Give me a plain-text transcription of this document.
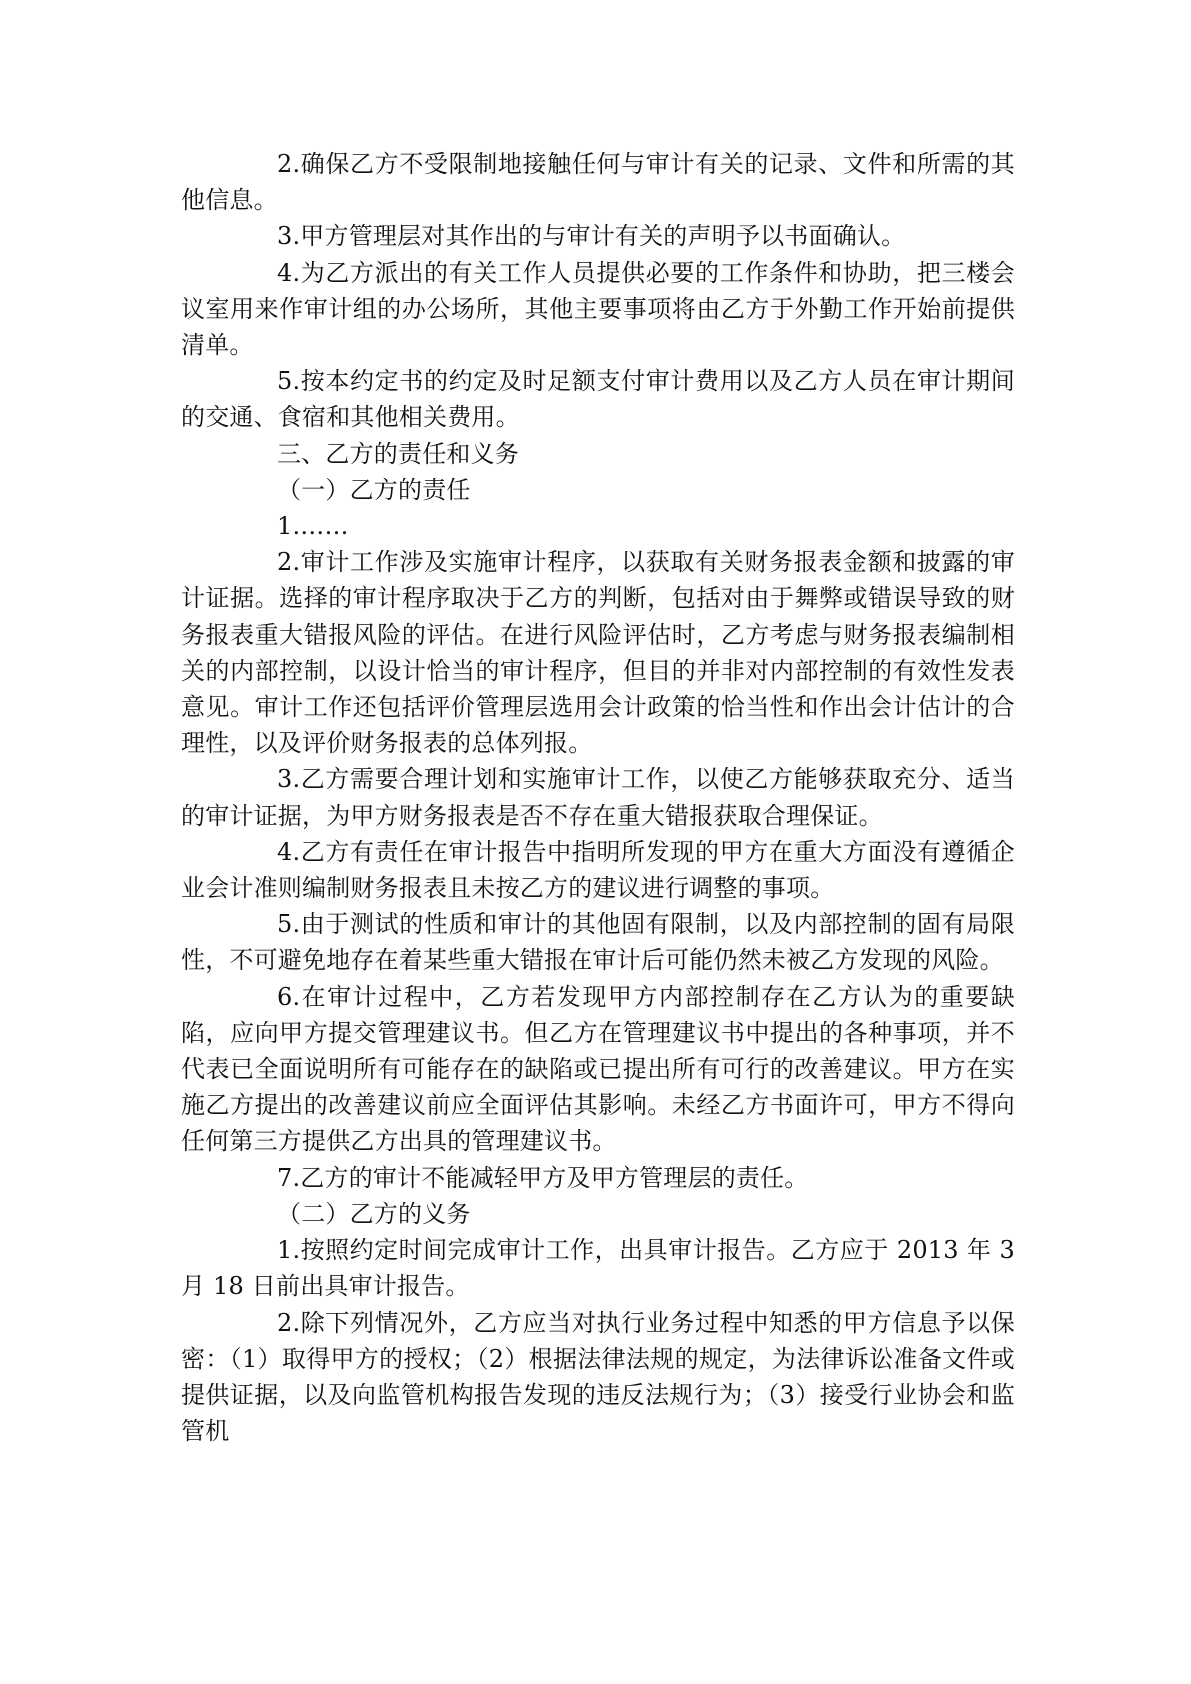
2.确保乙方不受限制地接触任何与审计有关的记录、文件和所需的其他信息。

3.甲方管理层对其作出的与审计有关的声明予以书面确认。

4.为乙方派出的有关工作人员提供必要的工作条件和协助，把三楼会议室用来作审计组的办公场所，其他主要事项将由乙方于外勤工作开始前提供清单。

5.按本约定书的约定及时足额支付审计费用以及乙方人员在审计期间的交通、食宿和其他相关费用。

三、乙方的责任和义务

（一）乙方的责任

1.……

2.审计工作涉及实施审计程序，以获取有关财务报表金额和披露的审计证据。选择的审计程序取决于乙方的判断，包括对由于舞弊或错误导致的财务报表重大错报风险的评估。在进行风险评估时，乙方考虑与财务报表编制相关的内部控制，以设计恰当的审计程序，但目的并非对内部控制的有效性发表意见。审计工作还包括评价管理层选用会计政策的恰当性和作出会计估计的合理性，以及评价财务报表的总体列报。

3.乙方需要合理计划和实施审计工作，以使乙方能够获取充分、适当的审计证据，为甲方财务报表是否不存在重大错报获取合理保证。

4.乙方有责任在审计报告中指明所发现的甲方在重大方面没有遵循企业会计准则编制财务报表且未按乙方的建议进行调整的事项。

5.由于测试的性质和审计的其他固有限制，以及内部控制的固有局限性，不可避免地存在着某些重大错报在审计后可能仍然未被乙方发现的风险。

6.在审计过程中，乙方若发现甲方内部控制存在乙方认为的重要缺陷，应向甲方提交管理建议书。但乙方在管理建议书中提出的各种事项，并不代表已全面说明所有可能存在的缺陷或已提出所有可行的改善建议。甲方在实施乙方提出的改善建议前应全面评估其影响。未经乙方书面许可，甲方不得向任何第三方提供乙方出具的管理建议书。

7.乙方的审计不能减轻甲方及甲方管理层的责任。

（二）乙方的义务

1.按照约定时间完成审计工作，出具审计报告。乙方应于 2013 年 3 月 18 日前出具审计报告。

2.除下列情况外，乙方应当对执行业务过程中知悉的甲方信息予以保密：（1）取得甲方的授权；（2）根据法律法规的规定，为法律诉讼准备文件或提供证据，以及向监管机构报告发现的违反法规行为；（3）接受行业协会和监管机
